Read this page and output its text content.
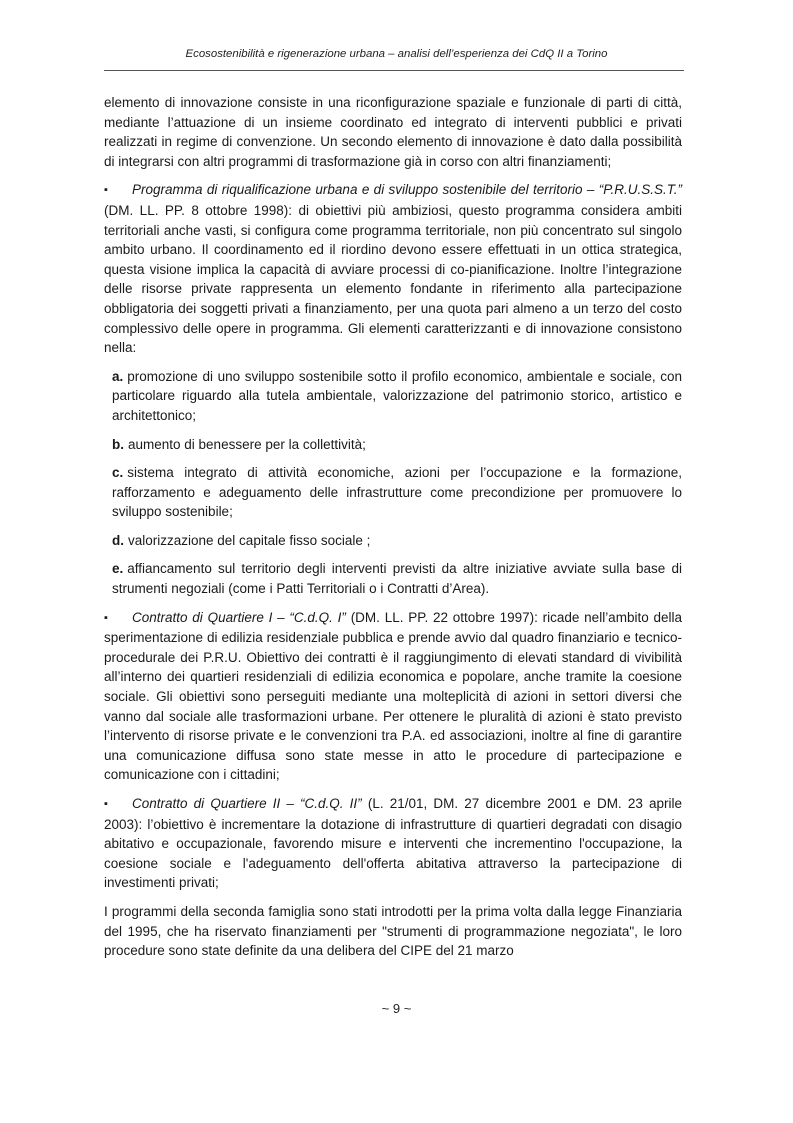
Ecosostenibilità e rigenerazione urbana – analisi dell’esperienza dei CdQ II a Torino

elemento di innovazione consiste in una riconfigurazione spaziale e funzionale di parti di città, mediante l’attuazione di un insieme coordinato ed integrato di interventi pubblici e privati realizzati in regime di convenzione. Un secondo elemento di innovazione è dato dalla possibilità di integrarsi con altri programmi di trasformazione già in corso con altri finanziamenti;

▪ Programma di riqualificazione urbana e di sviluppo sostenibile del territorio – “P.R.U.S.S.T.” (DM. LL. PP. 8 ottobre 1998): di obiettivi più ambiziosi, questo programma considera ambiti territoriali anche vasti, si configura come programma territoriale, non più concentrato sul singolo ambito urbano. Il coordinamento ed il riordino devono essere effettuati in un ottica strategica, questa visione implica la capacità di avviare processi di co-pianificazione. Inoltre l’integrazione delle risorse private rappresenta un elemento fondante in riferimento alla partecipazione obbligatoria dei soggetti privati a finanziamento, per una quota pari almeno a un terzo del costo complessivo delle opere in programma. Gli elementi caratterizzanti e di innovazione consistono nella:

a. promozione di uno sviluppo sostenibile sotto il profilo economico, ambientale e sociale, con particolare riguardo alla tutela ambientale, valorizzazione del patrimonio storico, artistico e architettonico;
b. aumento di benessere per la collettività;
c. sistema integrato di attività economiche, azioni per l’occupazione e la formazione, rafforzamento e adeguamento delle infrastrutture come precondizione per promuovere lo sviluppo sostenibile;
d. valorizzazione del capitale fisso sociale ;
e. affiancamento sul territorio degli interventi previsti da altre iniziative avviate sulla base di strumenti negoziali (come i Patti Territoriali o i Contratti d’Area).

▪ Contratto di Quartiere I – “C.d.Q. I” (DM. LL. PP. 22 ottobre 1997): ricade nell’ambito della sperimentazione di edilizia residenziale pubblica e prende avvio dal quadro finanziario e tecnico-procedurale dei P.R.U. Obiettivo dei contratti è il raggiungimento di elevati standard di vivibilità all’interno dei quartieri residenziali di edilizia economica e popolare, anche tramite la coesione sociale. Gli obiettivi sono perseguiti mediante una molteplicità di azioni in settori diversi che vanno dal sociale alle trasformazioni urbane. Per ottenere le pluralità di azioni è stato previsto l’intervento di risorse private e le convenzioni tra P.A. ed associazioni, inoltre al fine di garantire una comunicazione diffusa sono state messe in atto le procedure di partecipazione e comunicazione con i cittadini;

▪ Contratto di Quartiere II – “C.d.Q. II” (L. 21/01, DM. 27 dicembre 2001 e DM. 23 aprile 2003): l’obiettivo è incrementare la dotazione di infrastrutture di quartieri degradati con disagio abitativo e occupazionale, favorendo misure e interventi che incrementino l'occupazione, la coesione sociale e l'adeguamento dell'offerta abitativa attraverso la partecipazione di investimenti privati;

I programmi della seconda famiglia sono stati introdotti per la prima volta dalla legge Finanziaria del 1995, che ha riservato finanziamenti per "strumenti di programmazione negoziata", le loro procedure sono state definite da una delibera del CIPE del 21 marzo

~ 9 ~
